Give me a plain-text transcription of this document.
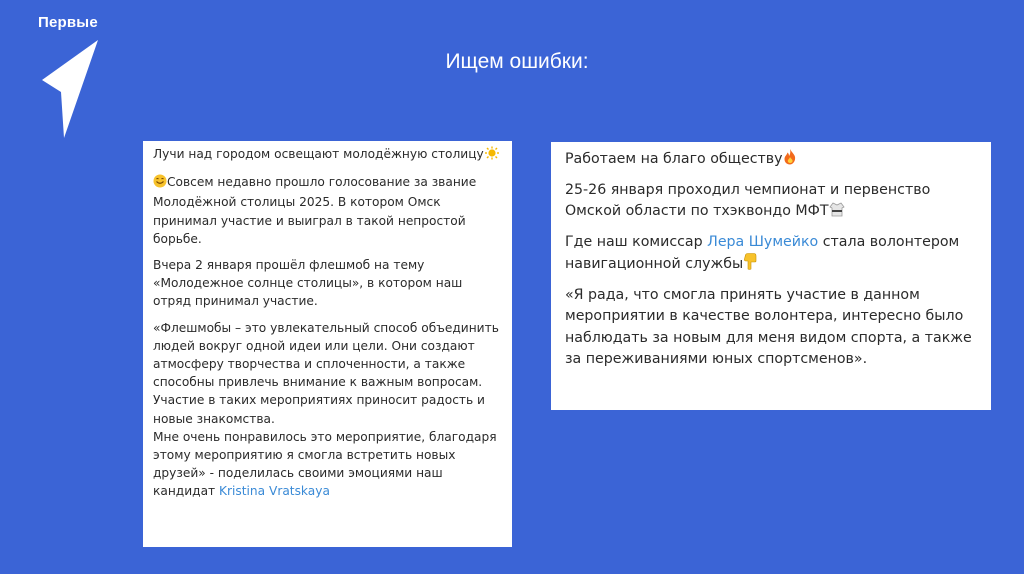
Первые
Ищем ошибки:

Лучи над городом освещают молодёжную столицу

Совсем недавно прошло голосование за звание Молодёжной столицы 2025. В котором Омск принимал участие и выиграл в такой непростой борьбе.

Вчера 2 января прошёл флешмоб на тему «Молодежное солнце столицы», в котором наш отряд принимал участие.

«Флешмобы – это увлекательный способ объединить людей вокруг одной идеи или цели. Они создают атмосферу творчества и сплоченности, а также способны привлечь внимание к важным вопросам. Участие в таких мероприятиях приносит радость и новые знакомства.

Мне очень понравилось это мероприятие, благодаря этому мероприятию я смогла встретить новых друзей» - поделилась своими эмоциями наш кандидат Kristina Vratskaya

Работаем на благо обществу

25-26 января проходил чемпионат и первенство Омской области по тхэквондо МФТ

Где наш комиссар Лера Шумейко стала волонтером навигационной службы

«Я рада, что смогла принять участие в данном мероприятии в качестве волонтера, интересно было наблюдать за новым для меня видом спорта, а также за переживаниями юных спортсменов».
